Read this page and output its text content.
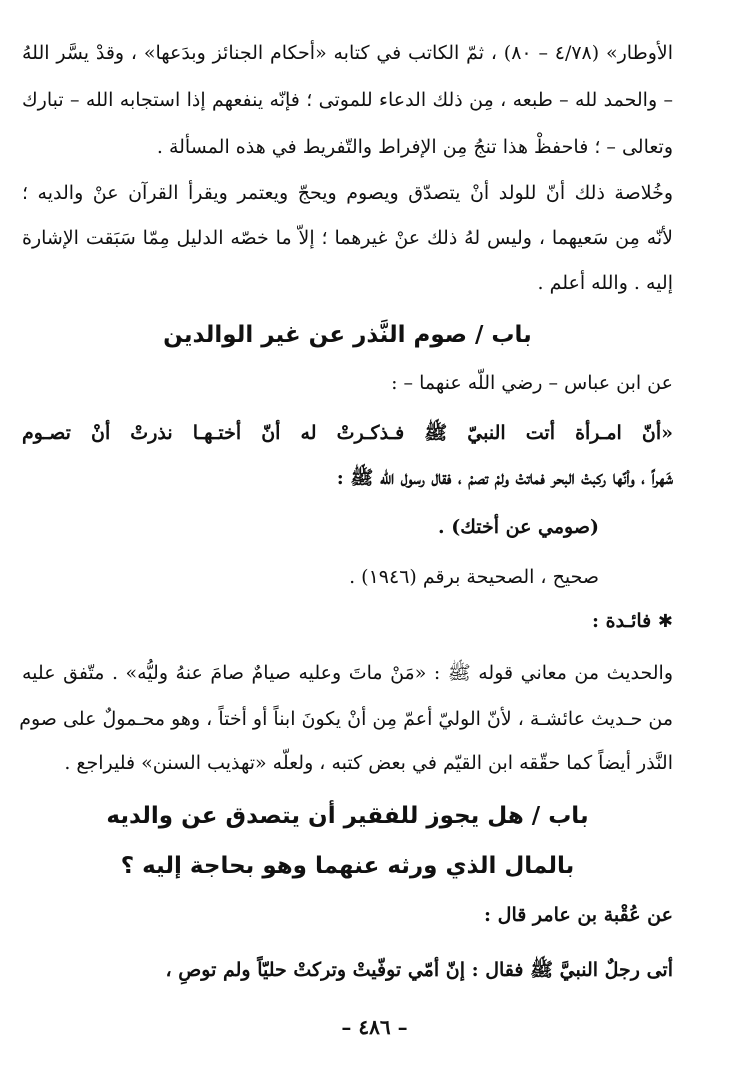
الأوطار» (٤/٧٨ – ٨٠) ، ثمّ الكاتب في كتابه «أحكام الجنائز وبدَعها» ، وقدْ يسَّر اللهُ
– والحمد لله – طبعه ، مِن ذلك الدعاء للموتى ؛ فإنّه ينفعهم إذا استجابه الله – تبارك
وتعالى – ؛ فاحفظْ هذا تنجُ مِن الإفراط والتّفريط في هذه المسألة .
وخُلاصة ذلك أنّ للولد أنْ يتصدّق ويصوم ويحجّ ويعتمر ويقرأ القرآن عنْ والديه ؛
لأنّه مِن سَعيهما ، وليس لهُ ذلك عنْ غيرهما ؛ إلاّ ما خصّه الدليل مِمّا سَبَقت الإشارة
إليه . والله أعلم .
باب / صوم النَّذر عن غير الوالدين
عن ابن عباس – رضي اللّه عنهما – :
«أنّ امـرأة أتت النبيّ ﷺ فـذكـرتْ له أنّ أختـهـا نذرتْ أنْ تصـوم
شَهراً ، وأنّها ركبتْ البحر فماتتْ ولمْ تصمْ ، فقال رسول اللّه ﷺ :
(صومي عن أختك) .
صحيح ، الصحيحة برقم (١٩٤٦) .
✱ فائـدة :
والحديث من معاني قوله ﷺ : «مَنْ ماتَ وعليه صيامٌ صامَ عنهُ وليُّه» . متّفق عليه
من حـديث عائشـة ، لأنّ الوليّ أعمّ مِن أنْ يكونَ ابناً أو أختاً ، وهو محـمولٌ على صوم
النَّذر أيضاً كما حقّقه ابن القيّم في بعض كتبه ، ولعلّه «تهذيب السنن» فليراجع .
باب / هل يجوز للفقير أن يتصدق عن والديه
بالمال الذي ورثه عنهما وهو بحاجة إليه ؟
عن عُقْبة بن عامر قال :
أتى رجلٌ النبيَّ ﷺ فقال : إنّ أمّي توفّيتْ وتركتْ حليّاً ولم توصِ ،
– ٤٨٦ –
